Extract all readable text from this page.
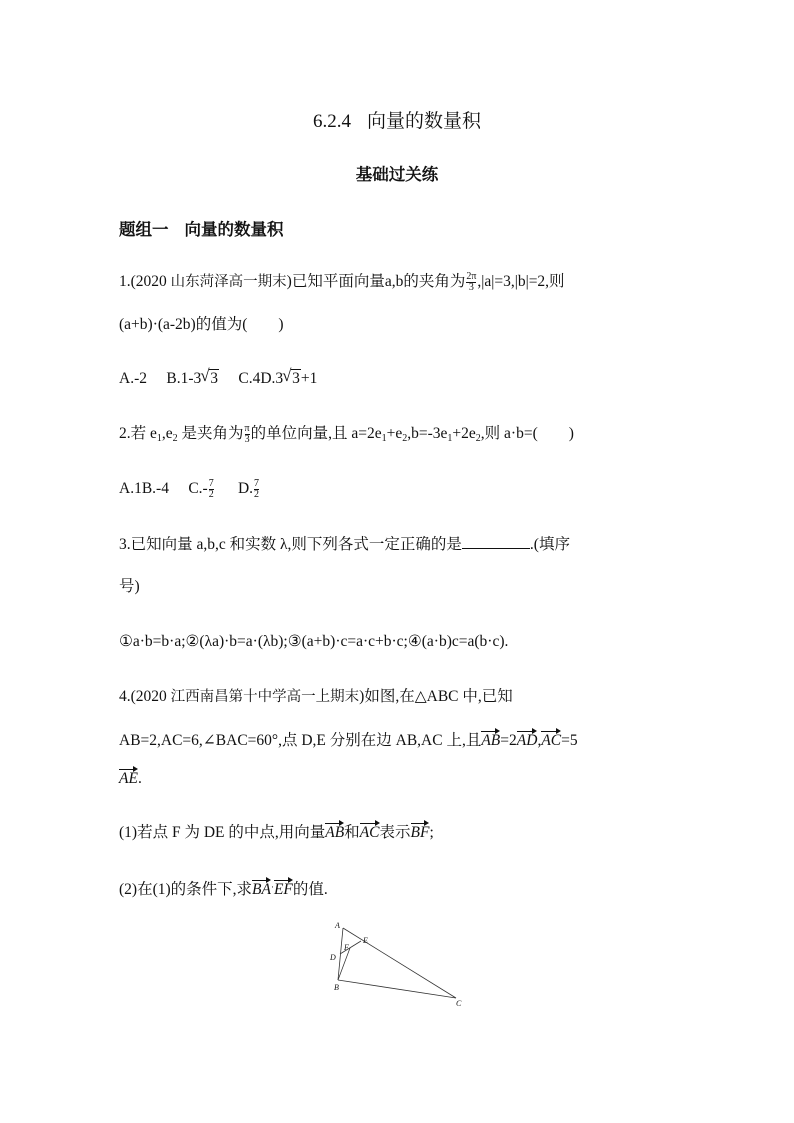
6.2.4 向量的数量积
基础过关练
题组一 向量的数量积
1.(2020 山东菏泽高一期末)已知平面向量a,b的夹角为 $\frac{2\pi}{3} ,|a|=3,|b|=2$,则
(a+b)·(a-2b)的值为(　　)
A.-2 B.1-3 √ 3 C.4D.3 √ 3+1
2.若 $e_1,e_2$ 是夹角为 $\frac{\pi}{3}$ 的单位向量,且 $a=2e_1+e_2,b=-3e_1+2e_2$,则 a·b=(　　)
A.1B.-4 $C.- \frac{7}{2} D$. $\frac{7}{2}$
3.已知向量 a,b,c 和实数 λ,则下列各式一定正确的是	.(填序
号)
①a·b=b·a;②(λa)·b=a·(λb);③(a+b)·c=a·c+b·c;④(a·b)c=a(b·c).
4.(2020 江西南昌第十中学高一上期末)如图,在△ABC 中,已知
AB=2,AC=6,∠BAC=60°,点 D,E 分别在边 AB,AC 上,且AB=2AD,AC=5
AE.
(1)若点 F 为 DE 的中点,用向量AB和AC表示BF;
(2)在(1)的条件下,求BA·EF的值.
A
B
C
D
E
F
